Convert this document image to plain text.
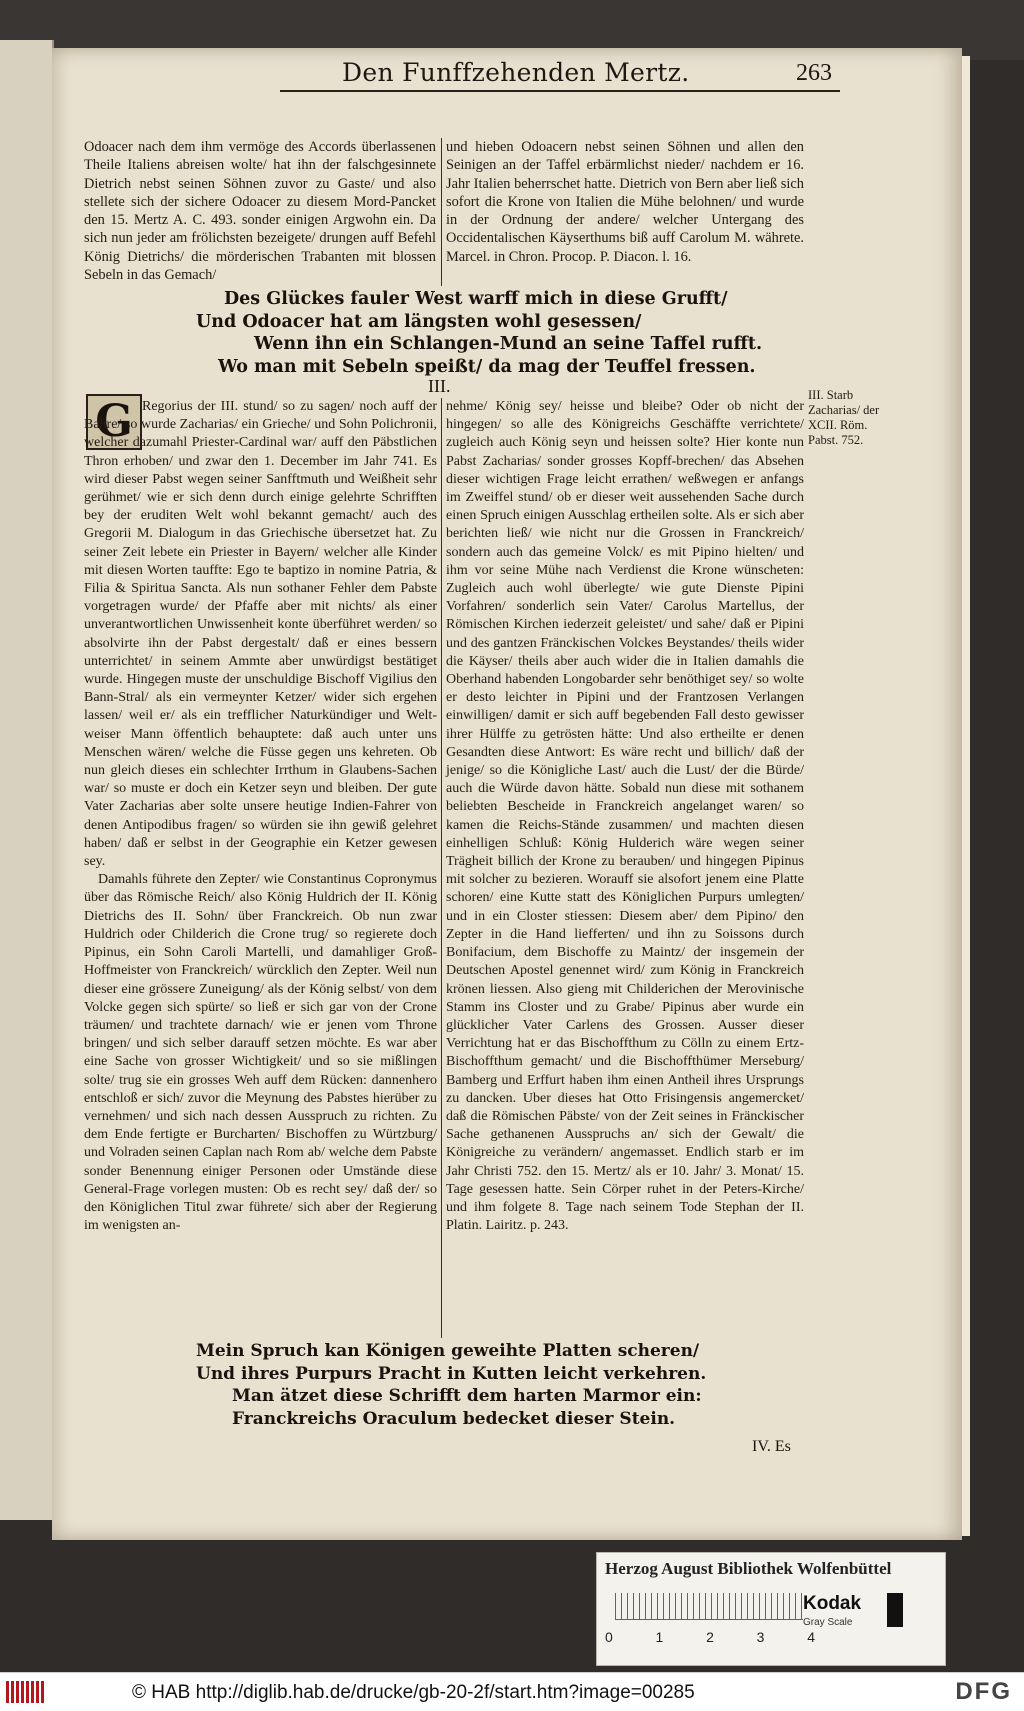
Den Funffzehenden Mertz.	263

Odoacer nach dem ihm vermöge des Accords überlassenen Theile Italiens abreisen wolte/ hat ihn der falschgesinnete Dietrich nebst seinen Söhnen zuvor zu Gaste/ und also stellete sich der sichere Odoacer zu diesem Mord-Pancket den 15. Mertz A. C. 493. sonder einigen Argwohn ein. Da sich nun jeder am frölichsten bezeigete/ drungen auff Befehl König Dietrichs/ die mörderischen Trabanten mit blossen Sebeln in das Gemach/

und hieben Odoacern nebst seinen Söhnen und allen den Seinigen an der Taffel erbärmlichst nieder/ nachdem er 16. Jahr Italien beherrschet hatte. Dietrich von Bern aber ließ sich sofort die Krone von Italien die Mühe belohnen/ und wurde in der Ordnung der andere/ welcher Untergang des Occidentalischen Käyserthums biß auff Carolum M. währete. Marcel. in Chron. Procop. P. Diacon. l. 16.

Des Glückes fauler West warff mich in diese Grufft/
Und Odoacer hat am längsten wohl gesessen/
Wenn ihn ein Schlangen-Mund an seine Taffel rufft.
Wo man mit Sebeln speißt/ da mag der Teuffel fressen.
III.
G Regorius der III. stund/ so zu sagen/ noch auff der Bahre/ so wurde Zacharias/ ein Grieche/ und Sohn Polichronii, welcher dazumahl Priester-Cardinal war/ auff den Päbstlichen Thron erhoben/ und zwar den 1. December im Jahr 741. Es wird dieser Pabst wegen seiner Sanfftmuth und Weißheit sehr gerühmet/ wie er sich denn durch einige gelehrte Schrifften bey der eruditen Welt wohl bekannt gemacht/ auch des Gregorii M. Dialogum in das Griechische übersetzet hat. Zu seiner Zeit lebete ein Priester in Bayern/ welcher alle Kinder mit diesen Worten tauffte: Ego te baptizo in nomine Patria, & Filia & Spiritua Sancta. Als nun sothaner Fehler dem Pabste vorgetragen wurde/ der Pfaffe aber mit nichts/ als einer unverantwortlichen Unwissenheit konte überführet werden/ so absolvirte ihn der Pabst dergestalt/ daß er eines bessern unterrichtet/ in seinem Ammte aber unwürdigst bestätiget wurde. Hingegen muste der unschuldige Bischoff Vigilius den Bann-Stral/ als ein vermeynter Ketzer/ wider sich ergehen lassen/ weil er/ als ein trefflicher Naturkündiger und Welt-weiser Mann öffentlich behauptete: daß auch unter uns Menschen wären/ welche die Füsse gegen uns kehreten. Ob nun gleich dieses ein schlechter Irrthum in Glaubens-Sachen war/ so muste er doch ein Ketzer seyn und bleiben. Der gute Vater Zacharias aber solte unsere heutige Indien-Fahrer von denen Antipodibus fragen/ so würden sie ihn gewiß gelehret haben/ daß er selbst in der Geographie ein Ketzer gewesen sey.

Damahls führete den Zepter/ wie Constantinus Copronymus über das Römische Reich/ also König Huldrich der II. König Dietrichs des II. Sohn/ über Franckreich. Ob nun zwar Huldrich oder Childerich die Crone trug/ so regierete doch Pipinus, ein Sohn Caroli Martelli, und damahliger Groß-Hoffmeister von Franckreich/ würcklich den Zepter. Weil nun dieser eine grössere Zuneigung/ als der König selbst/ von dem Volcke gegen sich spürte/ so ließ er sich gar von der Crone träumen/ und trachtete darnach/ wie er jenen vom Throne bringen/ und sich selber darauff setzen möchte. Es war aber eine Sache von grosser Wichtigkeit/ und so sie mißlingen solte/ trug sie ein grosses Weh auff dem Rücken: dannenhero entschloß er sich/ zuvor die Meynung des Pabstes hierüber zu vernehmen/ und sich nach dessen Ausspruch zu richten. Zu dem Ende fertigte er Burcharten/ Bischoffen zu Würtzburg/ und Volraden seinen Caplan nach Rom ab/ welche dem Pabste sonder Benennung einiger Personen oder Umstände diese General-Frage vorlegen musten: Ob es recht sey/ daß der/ so den Königlichen Titul zwar führete/ sich aber der Regierung im wenigsten an-

nehme/ König sey/ heisse und bleibe? Oder ob nicht der hingegen/ so alle des Königreichs Geschäffte verrichtete/ zugleich auch König seyn und heissen solte? Hier konte nun Pabst Zacharias/ sonder grosses Kopff-brechen/ das Absehen dieser wichtigen Frage leicht errathen/ weßwegen er anfangs im Zweiffel stund/ ob er dieser weit aussehenden Sache durch einen Spruch einigen Ausschlag ertheilen solte. Als er sich aber berichten ließ/ wie nicht nur die Grossen in Franckreich/ sondern auch das gemeine Volck/ es mit Pipino hielten/ und ihm vor seine Mühe nach Verdienst die Krone wünscheten: Zugleich auch wohl überlegte/ wie gute Dienste Pipini Vorfahren/ sonderlich sein Vater/ Carolus Martellus, der Römischen Kirchen iederzeit geleistet/ und sahe/ daß er Pipini und des gantzen Fränckischen Volckes Beystandes/ theils wider die Käyser/ theils aber auch wider die in Italien damahls die Oberhand habenden Longobarder sehr benöthiget sey/ so wolte er desto leichter in Pipini und der Frantzosen Verlangen einwilligen/ damit er sich auff begebenden Fall desto gewisser ihrer Hülffe zu getrösten hätte: Und also ertheilte er denen Gesandten diese Antwort: Es wäre recht und billich/ daß der jenige/ so die Königliche Last/ auch die Lust/ der die Bürde/ auch die Würde davon hätte. Sobald nun diese mit sothanem beliebten Bescheide in Franckreich angelanget waren/ so kamen die Reichs-Stände zusammen/ und machten diesen einhelligen Schluß: König Hulderich wäre wegen seiner Trägheit billich der Krone zu berauben/ und hingegen Pipinus mit solcher zu bezieren. Worauff sie alsofort jenem eine Platte schoren/ eine Kutte statt des Königlichen Purpurs umlegten/ und in ein Closter stiessen: Diesem aber/ dem Pipino/ den Zepter in die Hand liefferten/ und ihn zu Soissons durch Bonifacium, dem Bischoffe zu Maintz/ der insgemein der Deutschen Apostel genennet wird/ zum König in Franckreich krönen liessen. Also gieng mit Childerichen der Merovinische Stamm ins Closter und zu Grabe/ Pipinus aber wurde ein glücklicher Vater Carlens des Grossen. Ausser dieser Verrichtung hat er das Bischoffthum zu Cölln zu einem Ertz-Bischoffthum gemacht/ und die Bischoffthümer Merseburg/ Bamberg und Erffurt haben ihm einen Antheil ihres Ursprungs zu dancken. Uber dieses hat Otto Frisingensis angemercket/ daß die Römischen Päbste/ von der Zeit seines in Fränckischer Sache gethanenen Ausspruchs an/ sich der Gewalt/ die Königreiche zu verändern/ angemasset. Endlich starb er im Jahr Christi 752. den 15. Mertz/ als er 10. Jahr/ 3. Monat/ 15. Tage gesessen hatte. Sein Cörper ruhet in der Peters-Kirche/ und ihm folgete 8. Tage nach seinem Tode Stephan der II. Platin. Lairitz. p. 243.

III. Starb Zacharias/ der XCII. Röm. Pabst. 752.
Mein Spruch kan Königen geweihte Platten scheren/
Und ihres Purpurs Pracht in Kutten leicht verkehren.
Man ätzet diese Schrifft dem harten Marmor ein:
Franckreichs Oraculum bedecket dieser Stein.
IV. Es
Herzog August Bibliothek Wolfenbüttel
Kodak
Gray Scale
0	1	2	3	4
© HAB http://diglib.hab.de/drucke/gb-20-2f/start.htm?image=00285	DFG
